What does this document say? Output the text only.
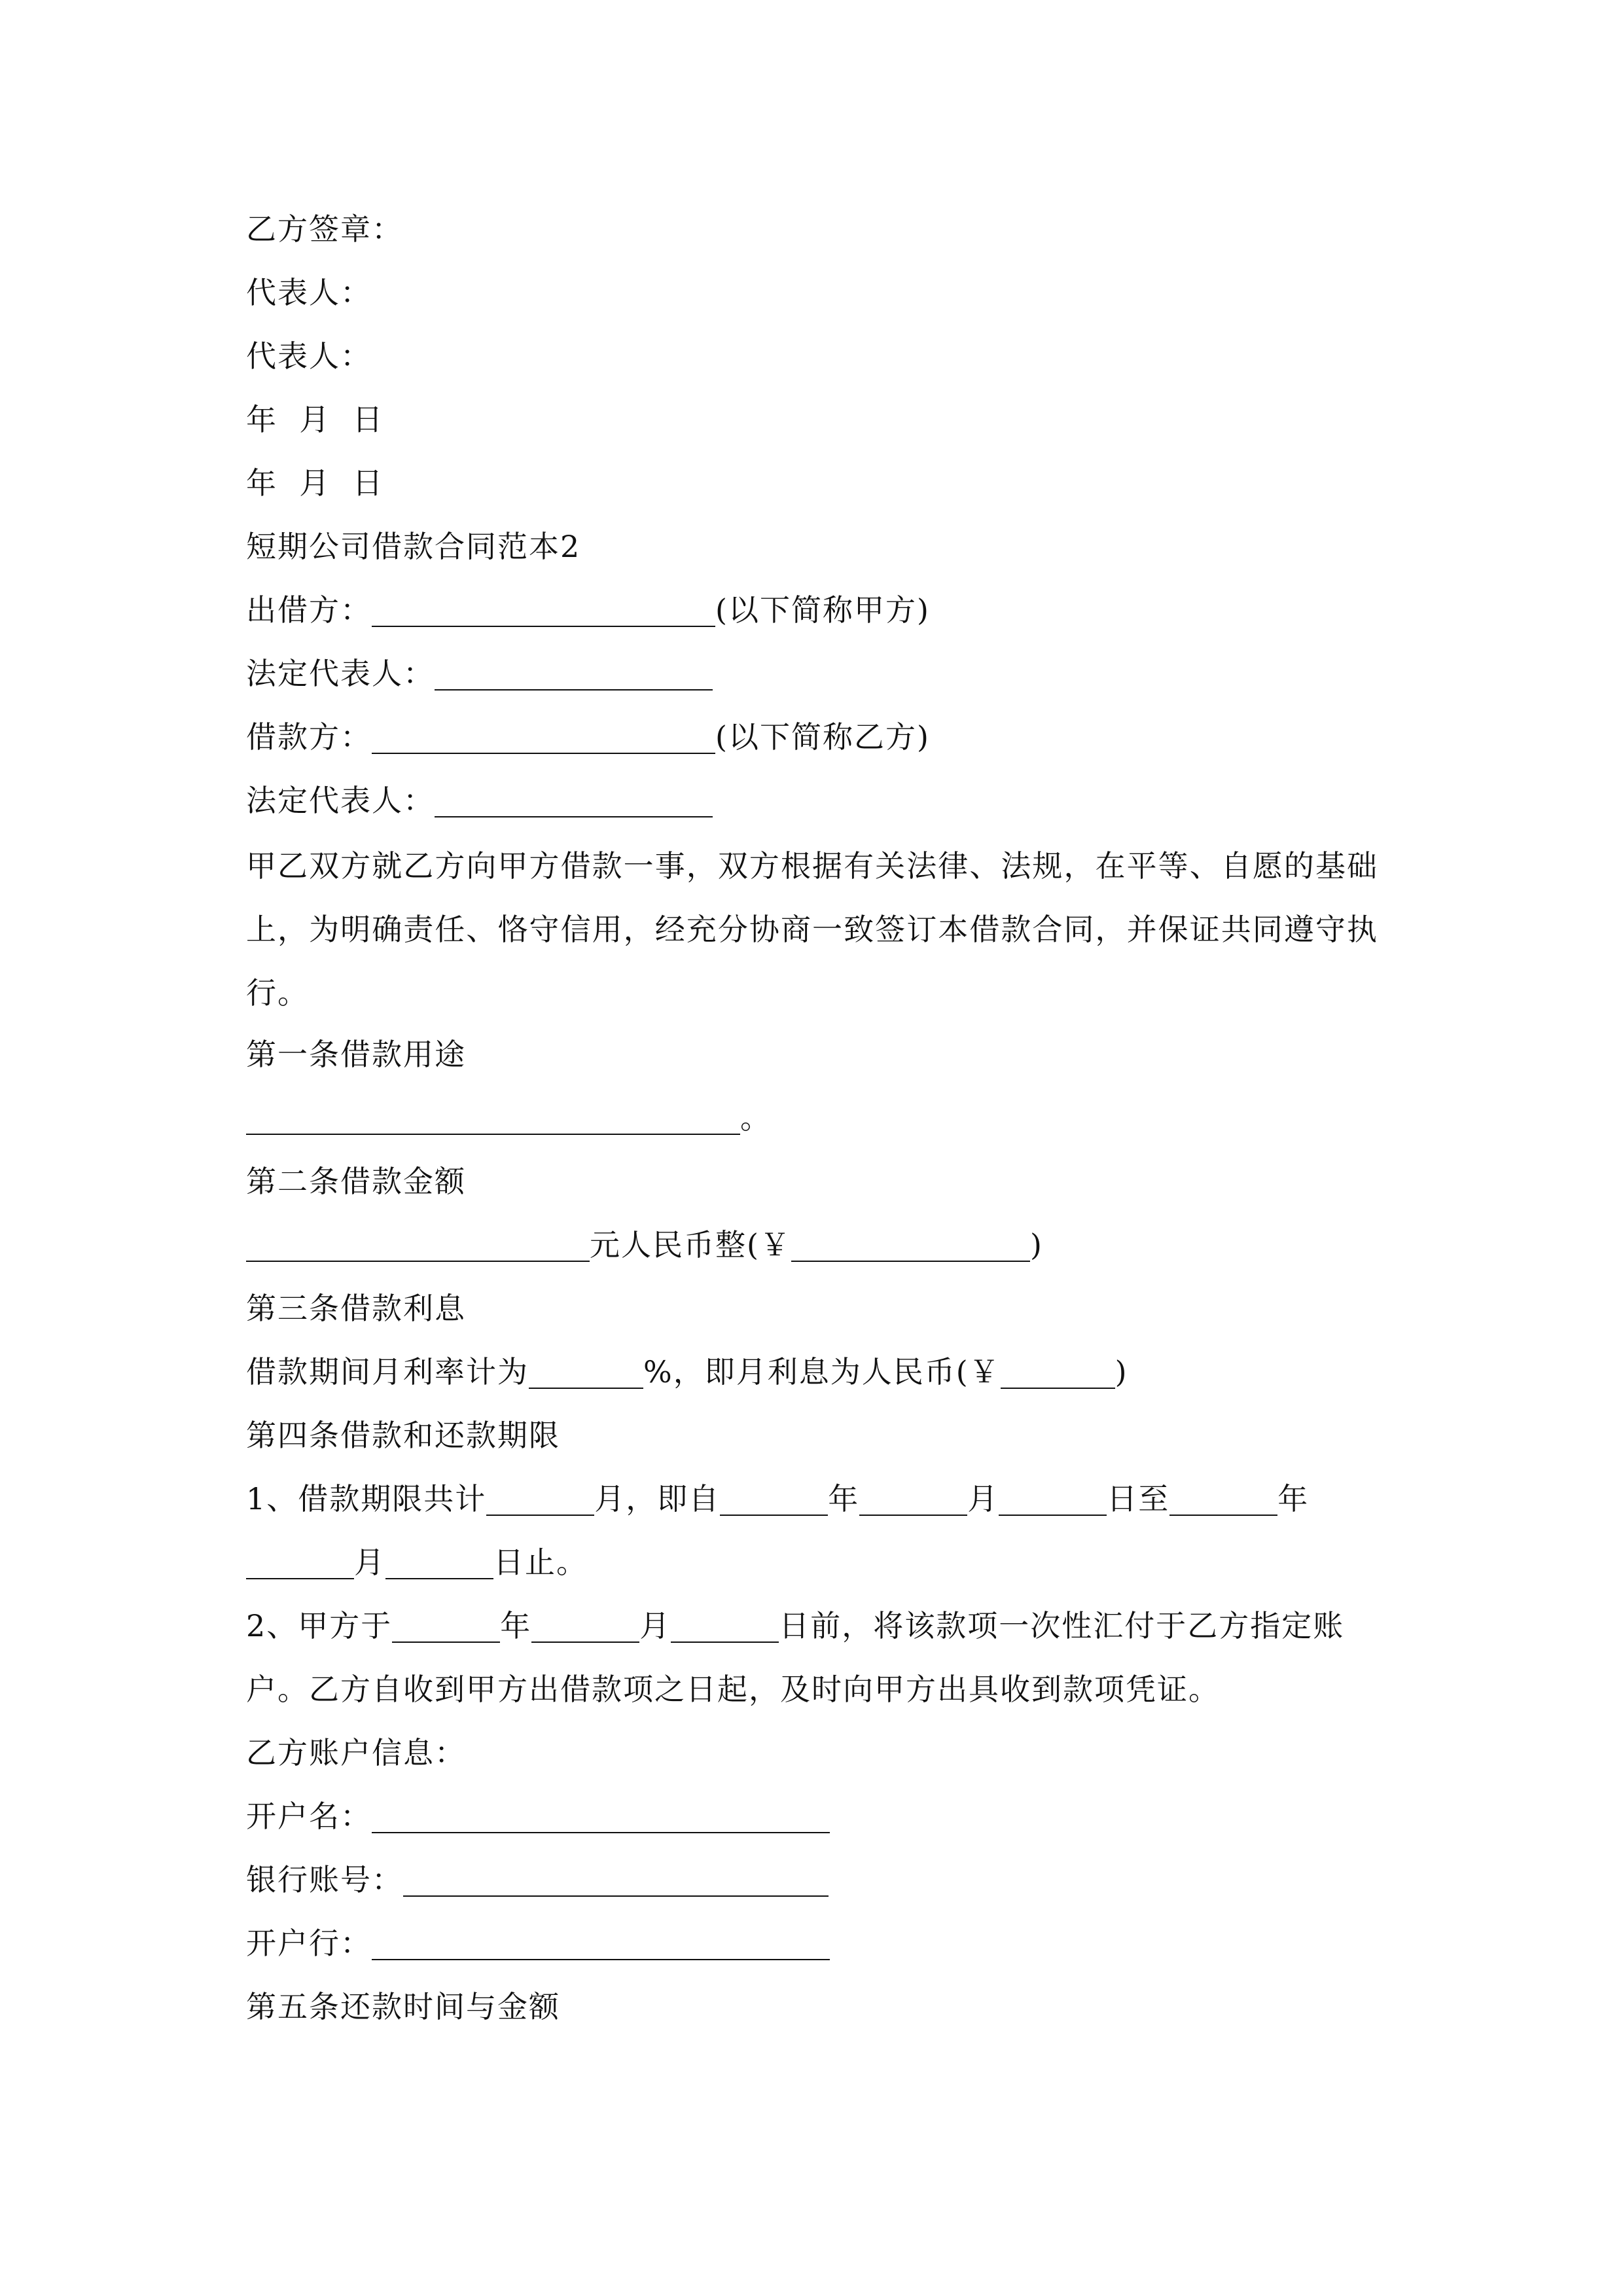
乙方签章：
代表人：
代表人：
年  月  日
年  月  日
短期公司借款合同范本2
出借方：	(以下简称甲方)
法定代表人：
借款方：	(以下简称乙方)
法定代表人：
甲乙双方就乙方向甲方借款一事，双方根据有关法律、法规，在平等、自愿的基础上，为明确责任、恪守信用，经充分协商一致签订本借款合同，并保证共同遵守执行。
第一条借款用途
。
第二条借款金额
元人民币整(￥	)
第三条借款利息
借款期间月利率计为	%，即月利息为人民币(￥	)
第四条借款和还款期限
1、借款期限共计	月，即自	年	月	日至	年
月	日止。
2、甲方于	年	月	日前，将该款项一次性汇付于乙方指定账
户。乙方自收到甲方出借款项之日起，及时向甲方出具收到款项凭证。
乙方账户信息：
开户名：
银行账号：
开户行：
第五条还款时间与金额
